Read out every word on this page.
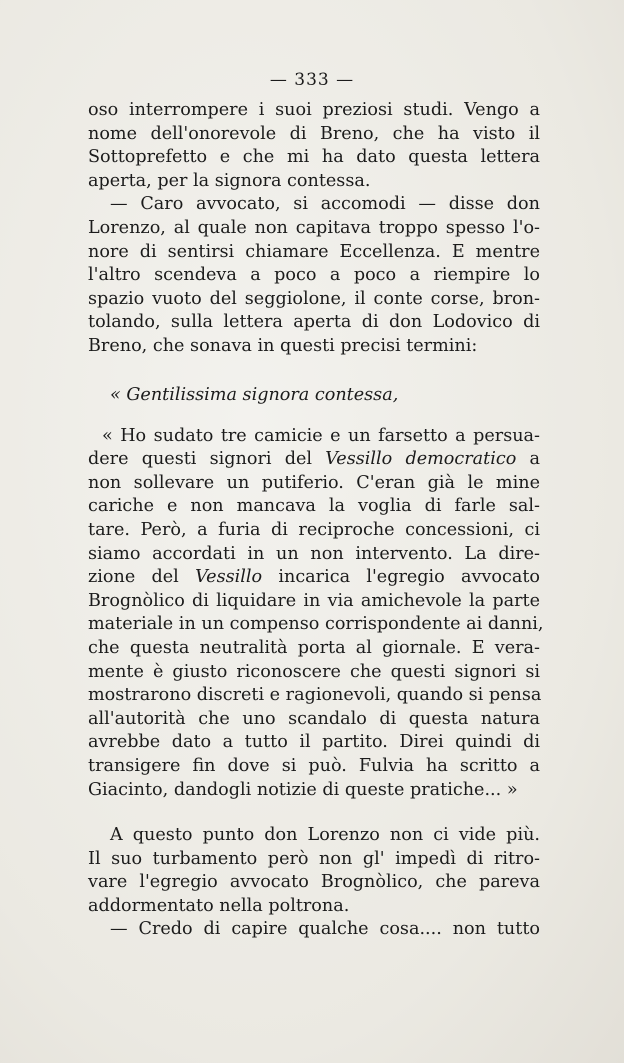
— 333 —
oso interrompere i suoi preziosi studi. Vengo a
nome dell'onorevole di Breno, che ha visto il
Sottoprefetto e che mi ha dato questa lettera
aperta, per la signora contessa.
— Caro avvocato, si accomodi — disse don
Lorenzo, al quale non capitava troppo spesso l'o-
nore di sentirsi chiamare Eccellenza. E mentre
l'altro scendeva a poco a poco a riempire lo
spazio vuoto del seggiolone, il conte corse, bron-
tolando, sulla lettera aperta di don Lodovico di
Breno, che sonava in questi precisi termini:
« Gentilissima signora contessa,
« Ho sudato tre camicie e un farsetto a persua-
dere questi signori del Vessillo democratico a
non sollevare un putiferio. C'eran già le mine
cariche e non mancava la voglia di farle sal-
tare. Però, a furia di reciproche concessioni, ci
siamo accordati in un non intervento. La dire-
zione del Vessillo incarica l'egregio avvocato
Brognòlico di liquidare in via amichevole la parte
materiale in un compenso corrispondente ai danni,
che questa neutralità porta al giornale. E vera-
mente è giusto riconoscere che questi signori si
mostrarono discreti e ragionevoli, quando si pensa
all'autorità che uno scandalo di questa natura
avrebbe dato a tutto il partito. Direi quindi di
transigere fin dove si può. Fulvia ha scritto a
Giacinto, dandogli notizie di queste pratiche... »
A questo punto don Lorenzo non ci vide più.
Il suo turbamento però non gl' impedì di ritro-
vare l'egregio avvocato Brognòlico, che pareva
addormentato nella poltrona.
— Credo di capire qualche cosa.... non tutto
